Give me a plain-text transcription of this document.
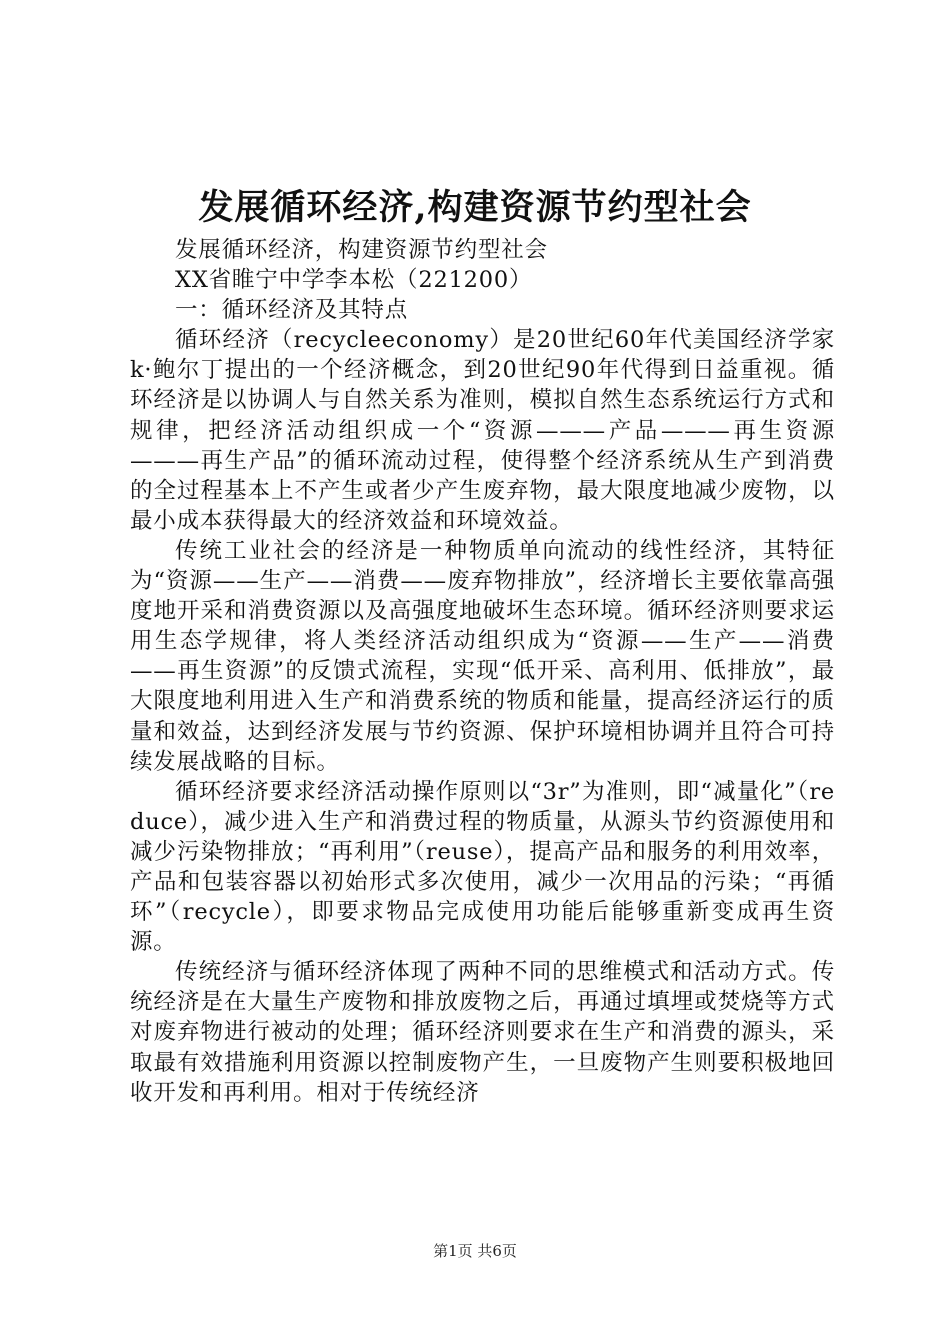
发展循环经济,构建资源节约型社会

发展循环经济，构建资源节约型社会

XX省睢宁中学李本松（221200）

一：循环经济及其特点

循环经济（recycleeconomy）是20世纪60年代美国经济学家k·鲍尔丁提出的一个经济概念，到20世纪90年代得到日益重视。循环经济是以协调人与自然关系为准则，模拟自然生态系统运行方式和规律，把经济活动组织成一个“资源———产品———再生资源———再生产品”的循环流动过程，使得整个经济系统从生产到消费的全过程基本上不产生或者少产生废弃物，最大限度地减少废物，以最小成本获得最大的经济效益和环境效益。

传统工业社会的经济是一种物质单向流动的线性经济，其特征为“资源——生产——消费——废弃物排放”，经济增长主要依靠高强度地开采和消费资源以及高强度地破坏生态环境。循环经济则要求运用生态学规律，将人类经济活动组织成为“资源——生产——消费——再生资源”的反馈式流程，实现“低开采、高利用、低排放”，最大限度地利用进入生产和消费系统的物质和能量，提高经济运行的质量和效益，达到经济发展与节约资源、保护环境相协调并且符合可持续发展战略的目标。

循环经济要求经济活动操作原则以“3r”为准则，即“减量化”（reduce），减少进入生产和消费过程的物质量，从源头节约资源使用和减少污染物排放；“再利用”（reuse），提高产品和服务的利用效率，产品和包装容器以初始形式多次使用，减少一次用品的污染；“再循环”（recycle），即要求物品完成使用功能后能够重新变成再生资源。

传统经济与循环经济体现了两种不同的思维模式和活动方式。传统经济是在大量生产废物和排放废物之后，再通过填埋或焚烧等方式对废弃物进行被动的处理；循环经济则要求在生产和消费的源头，采取最有效措施利用资源以控制废物产生，一旦废物产生则要积极地回收开发和再利用。相对于传统经济

第1页 共6页
